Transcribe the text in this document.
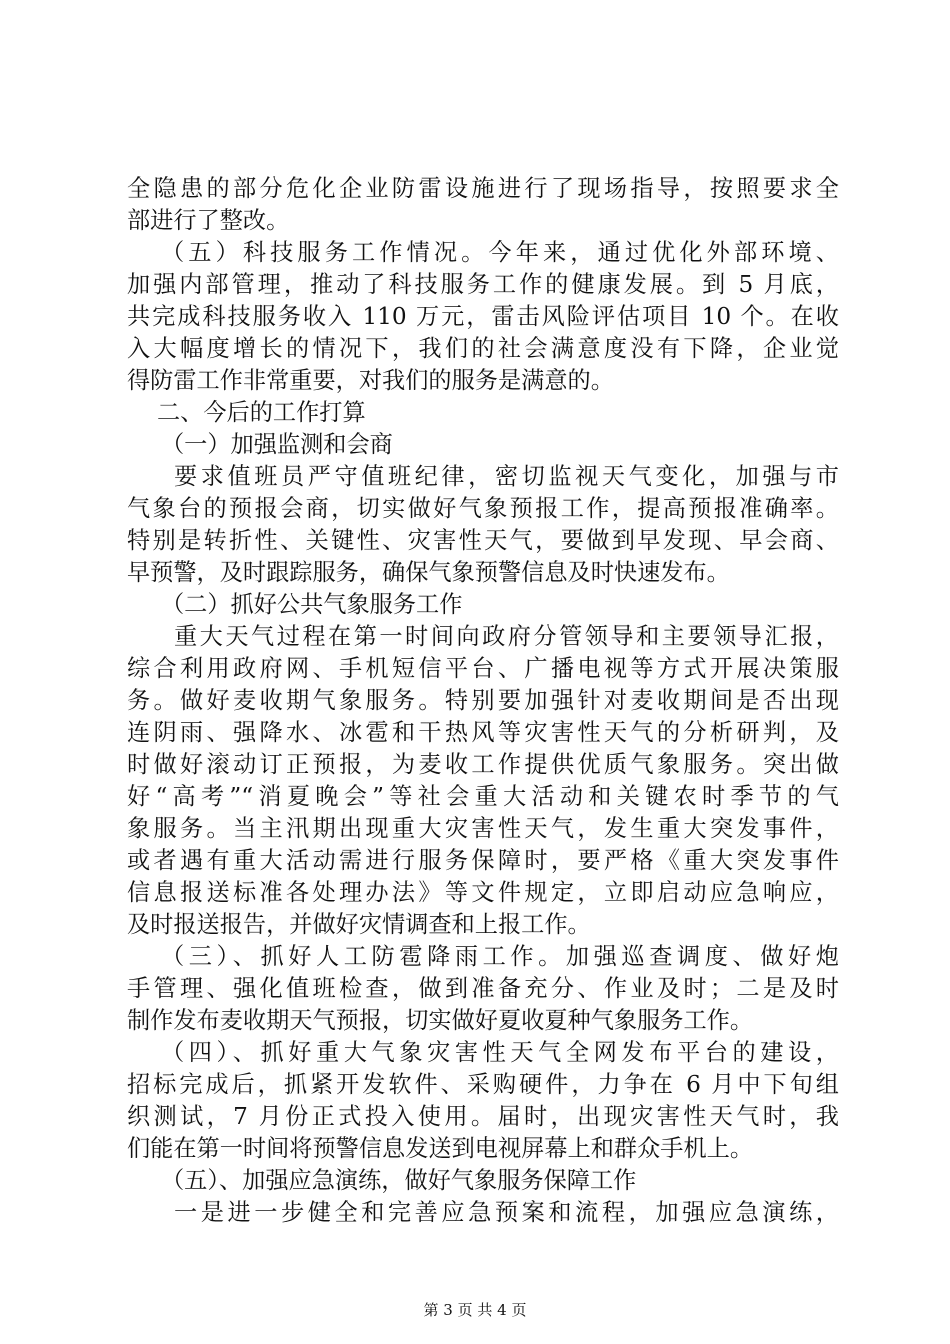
全隐患的部分危化企业防雷设施进行了现场指导，按照要求全
部进行了整改。
（五）科技服务工作情况。今年来，通过优化外部环境、
加强内部管理，推动了科技服务工作的健康发展。到 5 月底，
共完成科技服务收入 110 万元，雷击风险评估项目 10 个。在收
入大幅度增长的情况下，我们的社会满意度没有下降，企业觉
得防雷工作非常重要，对我们的服务是满意的。
二、今后的工作打算
（一）加强监测和会商
要求值班员严守值班纪律，密切监视天气变化，加强与市
气象台的预报会商，切实做好气象预报工作，提高预报准确率。
特别是转折性、关键性、灾害性天气，要做到早发现、早会商、
早预警，及时跟踪服务，确保气象预警信息及时快速发布。
（二）抓好公共气象服务工作
重大天气过程在第一时间向政府分管领导和主要领导汇报，
综合利用政府网、手机短信平台、广播电视等方式开展决策服
务。做好麦收期气象服务。特别要加强针对麦收期间是否出现
连阴雨、强降水、冰雹和干热风等灾害性天气的分析研判，及
时做好滚动订正预报，为麦收工作提供优质气象服务。突出做
好“高考”“消夏晚会”等社会重大活动和关键农时季节的气
象服务。当主汛期出现重大灾害性天气，发生重大突发事件，
或者遇有重大活动需进行服务保障时，要严格《重大突发事件
信息报送标准各处理办法》等文件规定，立即启动应急响应，
及时报送报告，并做好灾情调查和上报工作。
（三）、抓好人工防雹降雨工作。加强巡查调度、做好炮
手管理、强化值班检查，做到准备充分、作业及时；二是及时
制作发布麦收期天气预报，切实做好夏收夏种气象服务工作。
（四）、抓好重大气象灾害性天气全网发布平台的建设，
招标完成后，抓紧开发软件、采购硬件，力争在 6 月中下旬组
织测试，7 月份正式投入使用。届时，出现灾害性天气时，我
们能在第一时间将预警信息发送到电视屏幕上和群众手机上。
（五）、加强应急演练，做好气象服务保障工作
一是进一步健全和完善应急预案和流程，加强应急演练，
第 3 页 共 4 页
